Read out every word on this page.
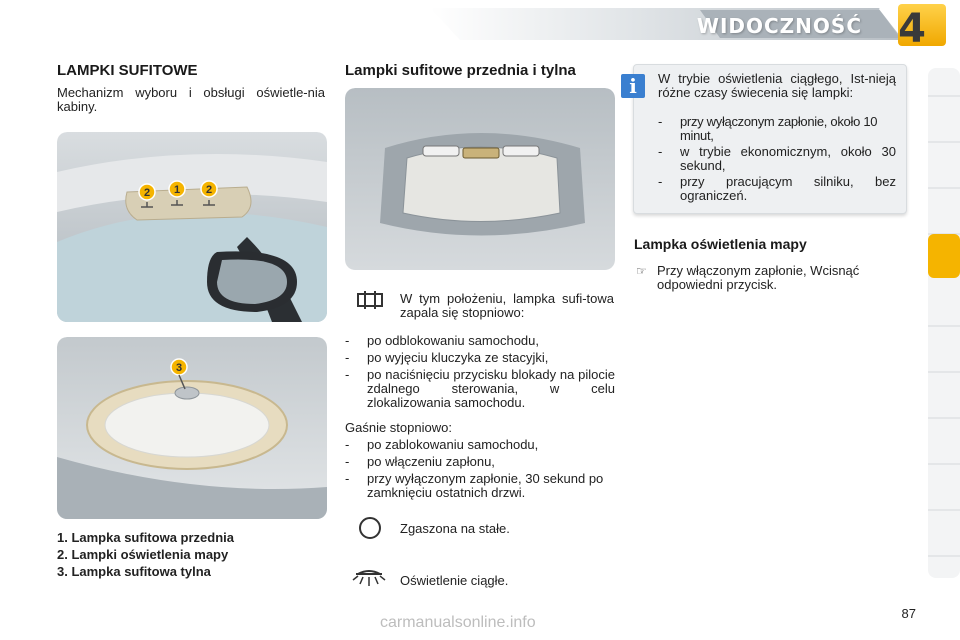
WIDOCZNOŚĆ 4
LAMPKI SUFITOWE
Mechanizm wyboru i obsługi oświetle-nia kabiny.
2 1 2
3
1. Lampka sufitowa przednia
2. Lampki oświetlenia mapy
3. Lampka sufitowa tylna
Lampki sufitowe przednia i tylna
W tym położeniu, lampka sufi-towa zapala się stopniowo:
- po odblokowaniu samochodu,
- po wyjęciu kluczyka ze stacyjki,
- po naciśnięciu przycisku blokady na pilocie zdalnego sterowania, w celu zlokalizowania samochodu.
Gaśnie stopniowo:
- po zablokowaniu samochodu,
- po włączeniu zapłonu,
- przy wyłączonym zapłonie, 30 sekund po zamknięciu ostatnich drzwi.
Zgaszona na stałe.
Oświetlenie ciągłe.
i	W trybie oświetlenia ciągłego, Ist-nieją różne czasy świecenia się lampki:
- przy wyłączonym zapłonie, około 10 minut,
- w trybie ekonomicznym, około 30 sekund,
- przy pracującym silniku, bez ograniczeń.
Lampka oświetlenia mapy
☞ Przy włączonym zapłonie, Wcisnąć odpowiedni przycisk.
87
carmanualsonline.info
